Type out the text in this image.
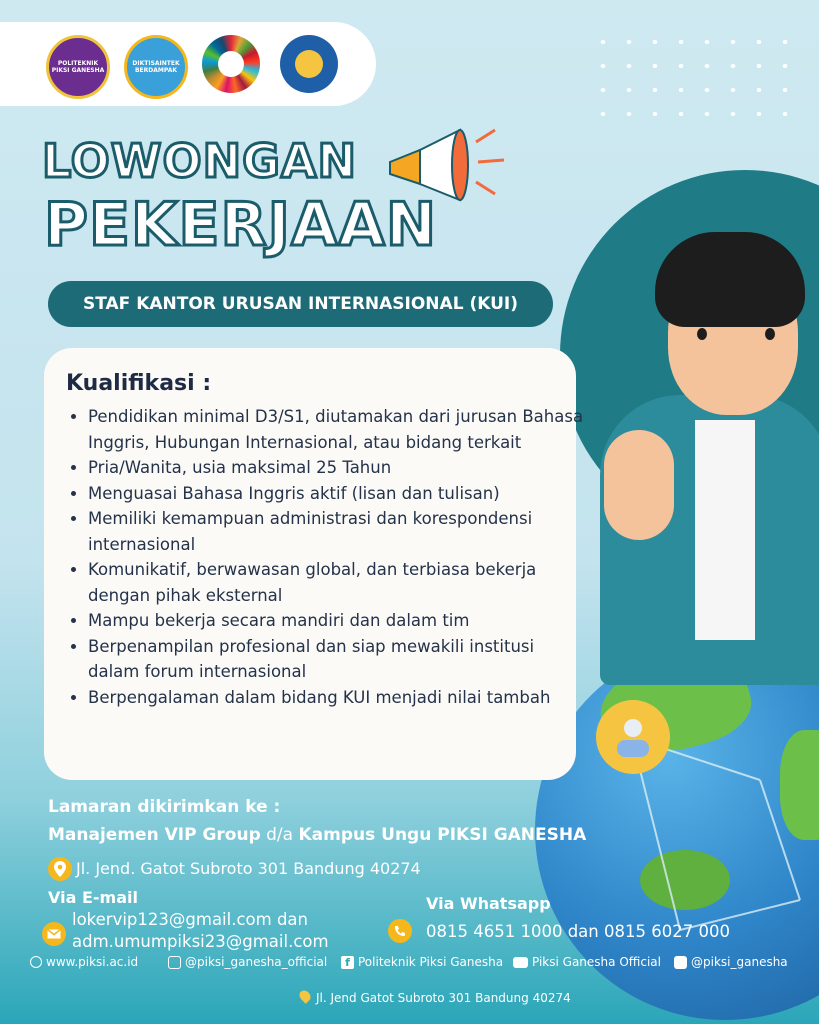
POLITEKNIK PIKSI GANESHA
DIKTISAINTEK BERDAMPAK
LOWONGAN
PEKERJAAN
STAF KANTOR URUSAN INTERNASIONAL (KUI)
Kualifikasi :
• Pendidikan minimal D3/S1, diutamakan dari jurusan Bahasa Inggris, Hubungan Internasional, atau bidang terkait
• Pria/Wanita, usia maksimal 25 Tahun
• Menguasai Bahasa Inggris aktif (lisan dan tulisan)
• Memiliki kemampuan administrasi dan korespondensi internasional
• Komunikatif, berwawasan global, dan terbiasa bekerja dengan pihak eksternal
• Mampu bekerja secara mandiri dan dalam tim
• Berpenampilan profesional dan siap mewakili institusi dalam forum internasional
• Berpengalaman dalam bidang KUI menjadi nilai tambah
Lamaran dikirimkan ke :
Manajemen VIP Group d/a Kampus Ungu PIKSI GANESHA
Jl. Jend. Gatot Subroto 301 Bandung 40274
Via E-mail
lokervip123@gmail.com dan
adm.umumpiksi23@gmail.com
Via Whatsapp
0815 4651 1000 dan 0815 6027 000
www.piksi.ac.id	@piksi_ganesha_official	f Politeknik Piksi Ganesha Piksi Ganesha Official	@piksi_ganesha
Jl. Jend Gatot Subroto 301 Bandung 40274
